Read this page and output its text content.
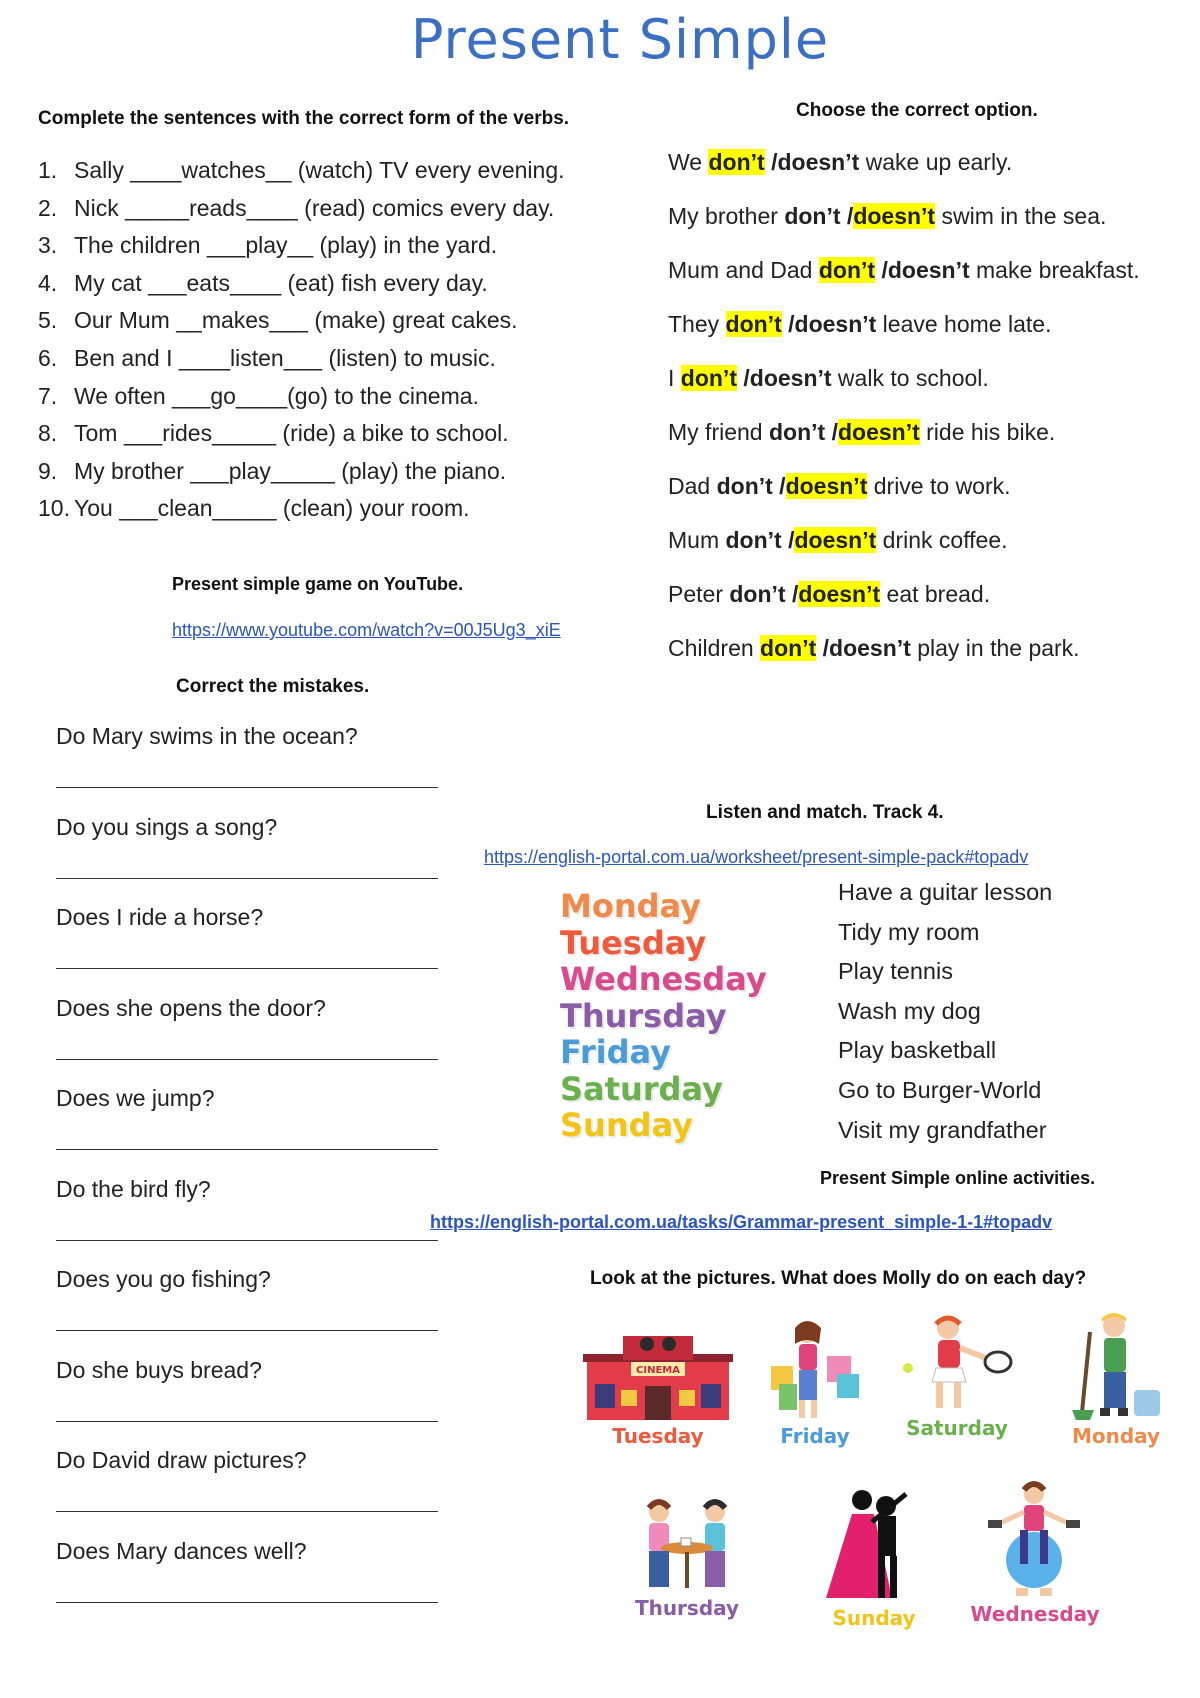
Present Simple
Complete the sentences with the correct form of the verbs.
1. Sally ____watches__ (watch) TV every evening.
2. Nick _____reads____ (read) comics every day.
3. The children ___play__ (play) in the yard.
4. My cat ___eats____ (eat) fish every day.
5. Our Mum __makes___ (make) great cakes.
6. Ben and I ____listen___ (listen) to music.
7. We often ___go____(go) to the cinema.
8. Tom ___rides_____ (ride) a bike to school.
9. My brother ___play_____ (play) the piano.
10. You ___clean_____ (clean) your room.
Present simple game on YouTube.
https://www.youtube.com/watch?v=00J5Ug3_xiE
Choose the correct option.
We don’t /doesn’t wake up early.
My brother don’t /doesn’t swim in the sea.
Mum and Dad don’t /doesn’t make breakfast.
They don’t /doesn’t leave home late.
I don’t /doesn’t walk to school.
My friend don’t /doesn’t ride his bike.
Dad don’t /doesn’t drive to work.
Mum don’t /doesn’t drink coffee.
Peter don’t /doesn’t eat bread.
Children don’t /doesn’t play in the park.
Correct the mistakes.
Do Mary swims in the ocean?
Do you sings a song?
Does I ride a horse?
Does she opens the door?
Does we jump?
Do the bird fly?
Does you go fishing?
Do she buys bread?
Do David draw pictures?
Does Mary dances well?
Listen and match. Track 4.
https://english-portal.com.ua/worksheet/present-simple-pack#topadv
Monday
Tuesday
Wednesday
Thursday
Friday
Saturday
Sunday
Have a guitar lesson
Tidy my room
Play tennis
Wash my dog
Play basketball
Go to Burger-World
Visit my grandfather
Present Simple online activities.
https://english-portal.com.ua/tasks/Grammar-present_simple-1-1#topadv
Look at the pictures. What does Molly do on each day?
CINEMA
Tuesday	Friday	Saturday	Monday
Thursday	Sunday	Wednesday
